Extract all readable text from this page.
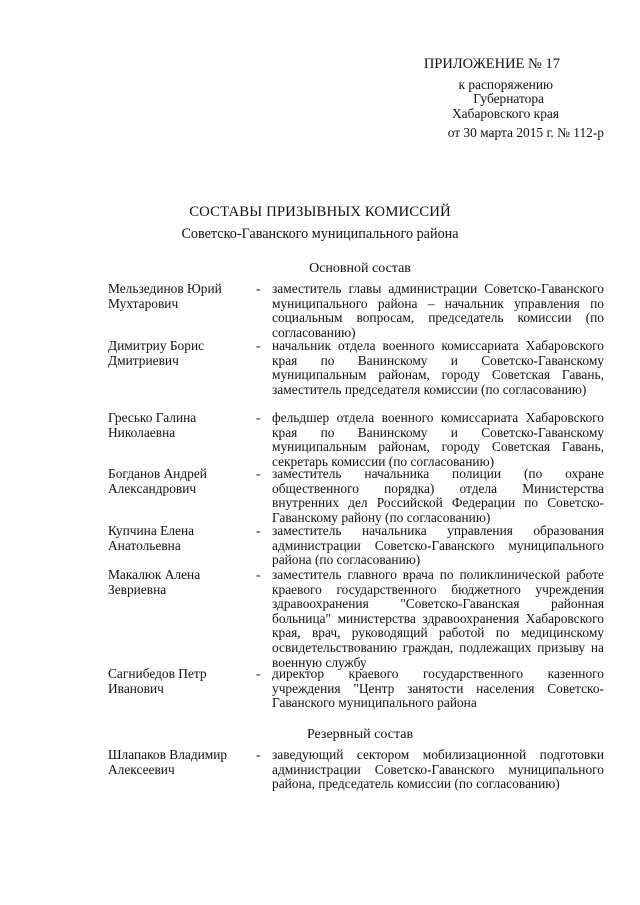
ПРИЛОЖЕНИЕ № 17
к распоряжению
Губернатора
Хабаровского края
от 30 марта 2015 г. № 112-р
СОСТАВЫ ПРИЗЫВНЫХ КОМИССИЙ
Советско-Гаванского муниципального района
Основной состав
Мельзединов Юрий
Мухтарович
- заместитель главы администрации Советско-Гаванского муниципального района – начальник управления по социальным вопросам, председатель комиссии (по согласованию)
Димитриу Борис
Дмитриевич
- начальник отдела военного комиссариата Хабаровского края по Ванинскому и Советско-Гаванскому муниципальным районам, городу Советская Гавань, заместитель председателя комиссии (по согласованию)
Гресько Галина
Николаевна
- фельдшер отдела военного комиссариата Хабаровского края по Ванинскому и Советско-Гаванскому муниципальным районам, городу Советская Гавань, секретарь комиссии (по согласованию)
Богданов Андрей
Александрович
- заместитель начальника полиции (по охране общественного порядка) отдела Министерства внутренних дел Российской Федерации по Советско-Гаванскому району (по согласованию)
Купчина Елена
Анатольевна
- заместитель начальника управления образования администрации Советско-Гаванского муниципального района (по согласованию)
Макалюк Алена
Зевриевна
- заместитель главного врача по поликлинической работе краевого государственного бюджетного учреждения здравоохранения "Советско-Гаванская районная больница" министерства здравоохранения Хабаровского края, врач, руководящий работой по медицинскому освидетельствованию граждан, подлежащих призыву на военную службу
Сагнибедов Петр
Иванович
- директор краевого государственного казенного учреждения "Центр занятости населения Советско-Гаванского муниципального района
Резервный состав
Шлапаков Владимир
Алексеевич
- заведующий сектором мобилизационной подготовки администрации Советско-Гаванского муниципального района, председатель комиссии (по согласованию)
